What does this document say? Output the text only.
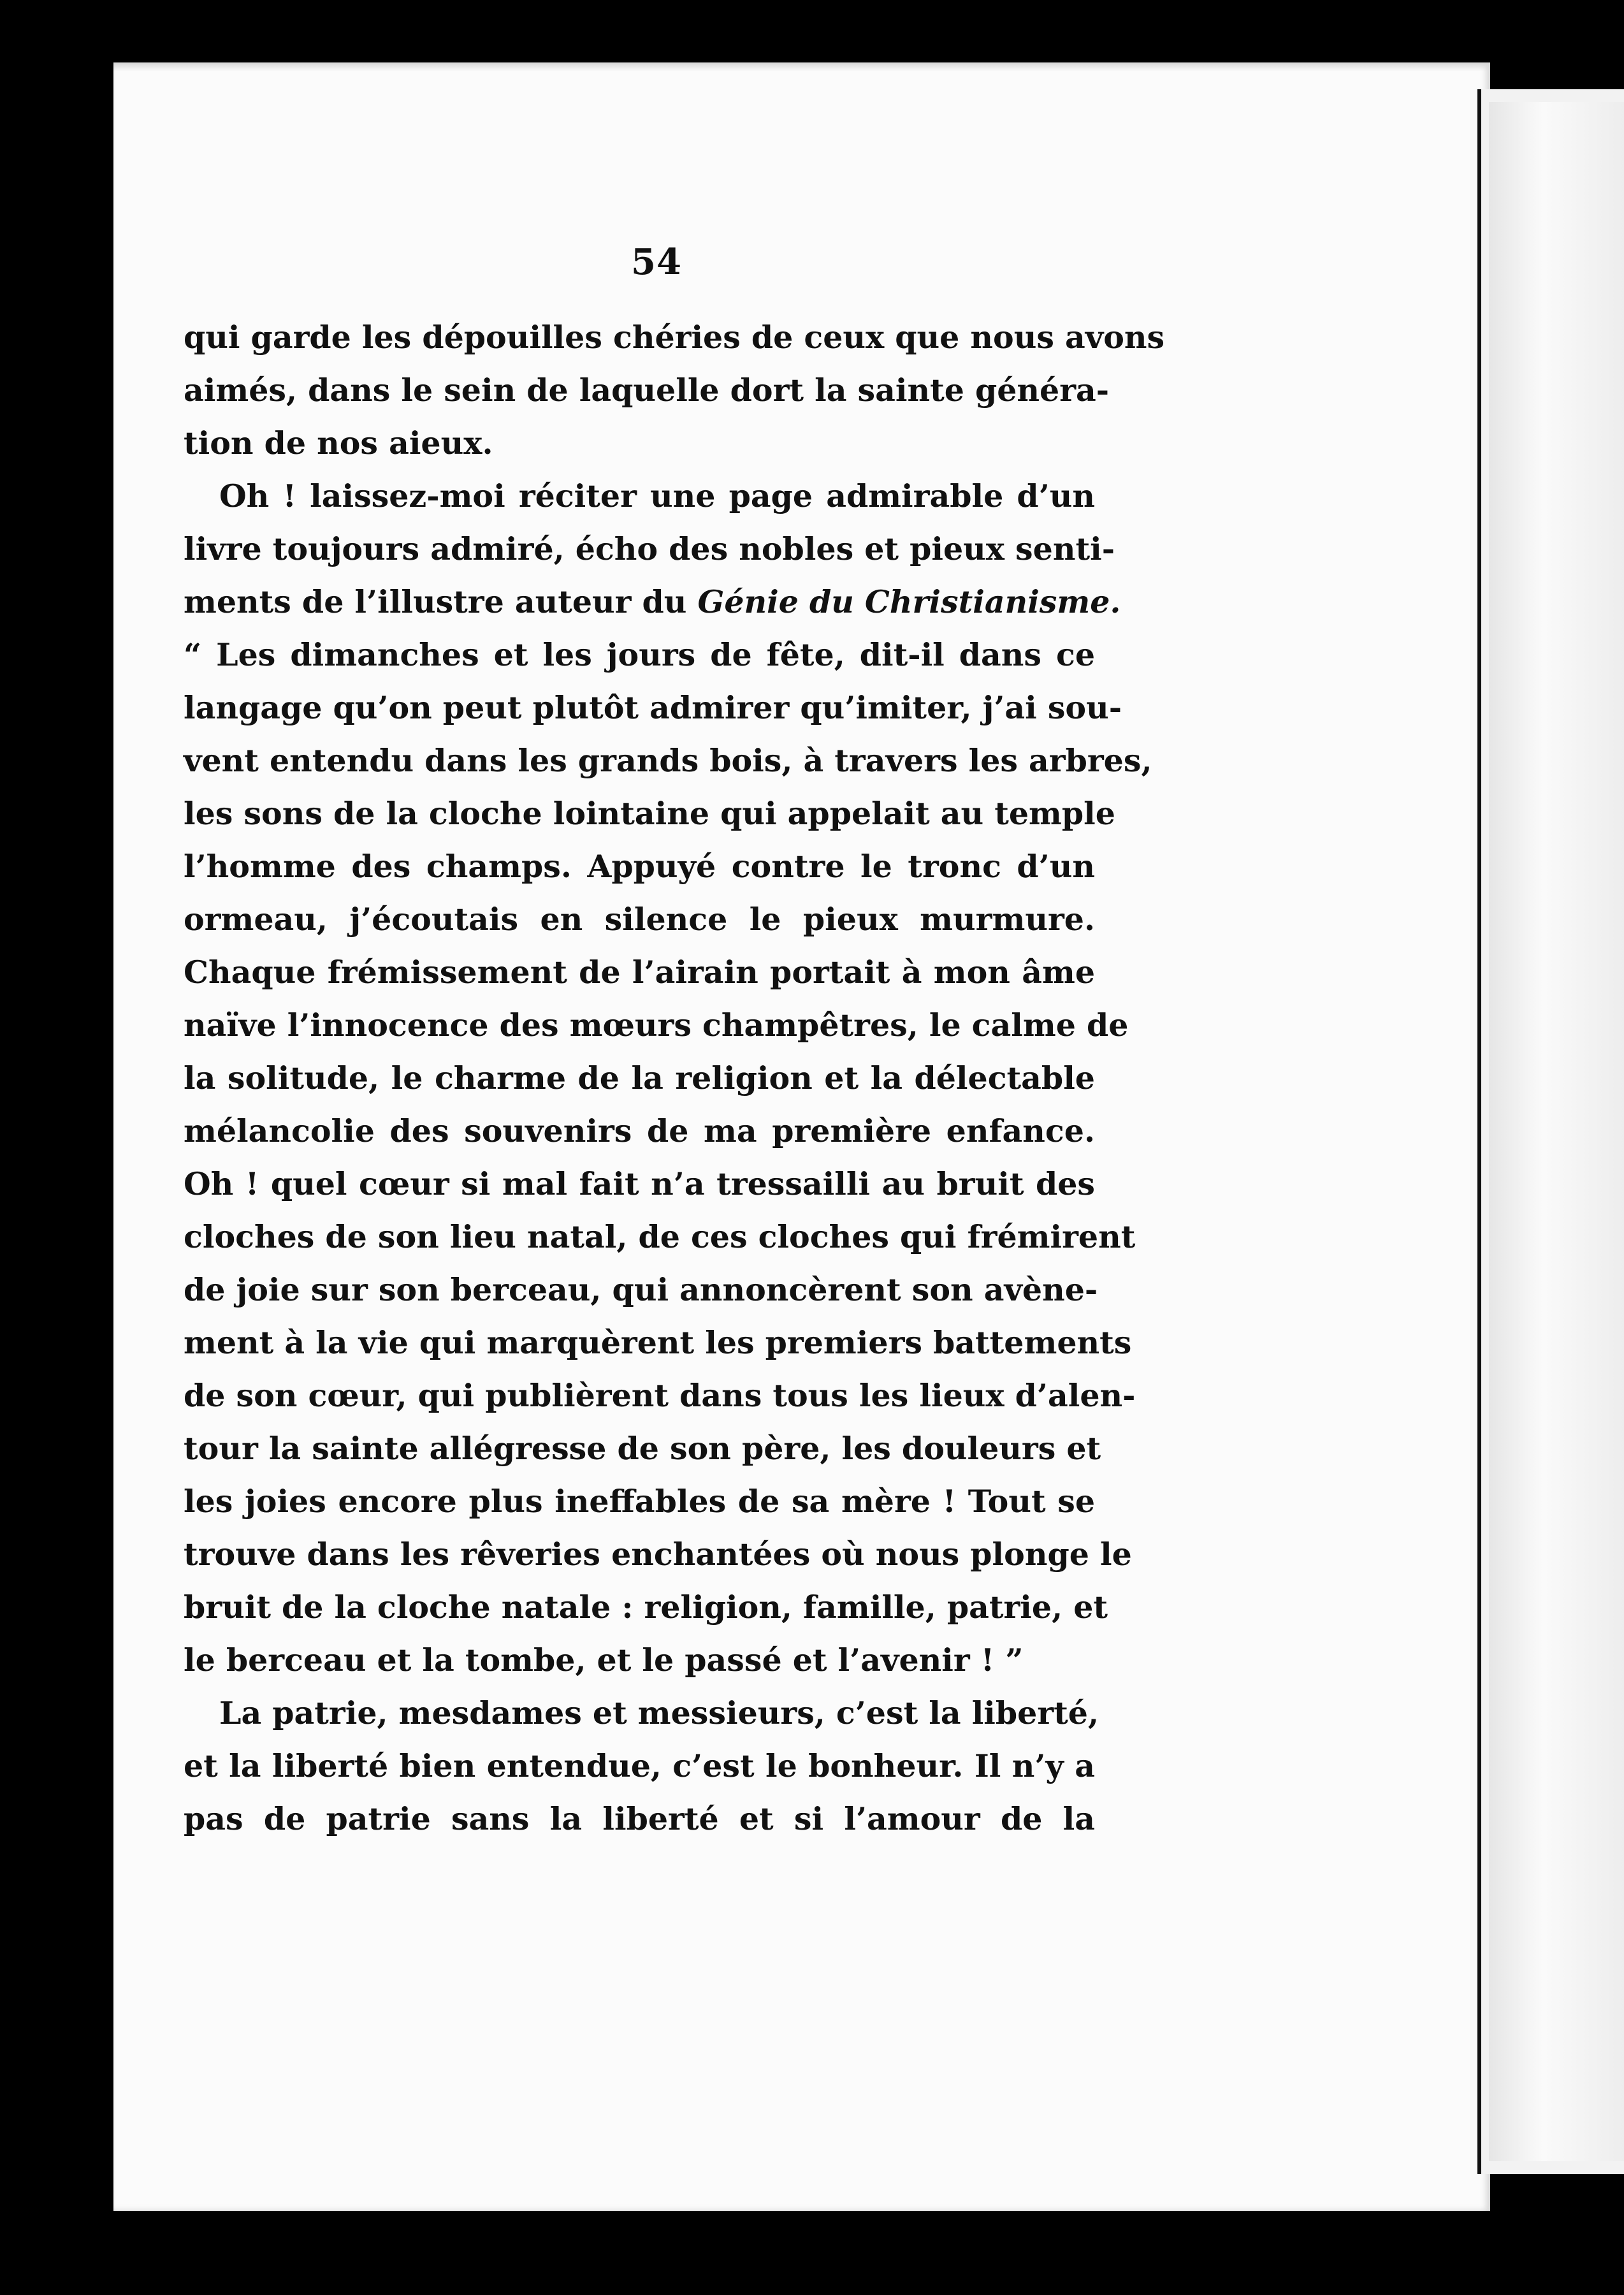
54
qui garde les dépouilles chéries de ceux que nous avons
aimés, dans le sein de laquelle dort la sainte généra-
tion de nos aieux.
Oh ! laissez-moi réciter une page admirable d’un
livre toujours admiré, écho des nobles et pieux senti-
ments de l’illustre auteur du Génie du Christianisme.
“ Les dimanches et les jours de fête, dit-il dans ce
langage qu’on peut plutôt admirer qu’imiter, j’ai sou-
vent entendu dans les grands bois, à travers les arbres,
les sons de la cloche lointaine qui appelait au temple
l’homme des champs. Appuyé contre le tronc d’un
ormeau, j’écoutais en silence le pieux murmure.
Chaque frémissement de l’airain portait à mon âme
naïve l’innocence des mœurs champêtres, le calme de
la solitude, le charme de la religion et la délectable
mélancolie des souvenirs de ma première enfance.
Oh ! quel cœur si mal fait n’a tressailli au bruit des
cloches de son lieu natal, de ces cloches qui frémirent
de joie sur son berceau, qui annoncèrent son avène-
ment à la vie qui marquèrent les premiers battements
de son cœur, qui publièrent dans tous les lieux d’alen-
tour la sainte allégresse de son père, les douleurs et
les joies encore plus ineffables de sa mère ! Tout se
trouve dans les rêveries enchantées où nous plonge le
bruit de la cloche natale : religion, famille, patrie, et
le berceau et la tombe, et le passé et l’avenir ! ”
La patrie, mesdames et messieurs, c’est la liberté,
et la liberté bien entendue, c’est le bonheur. Il n’y a
pas de patrie sans la liberté et si l’amour de la
